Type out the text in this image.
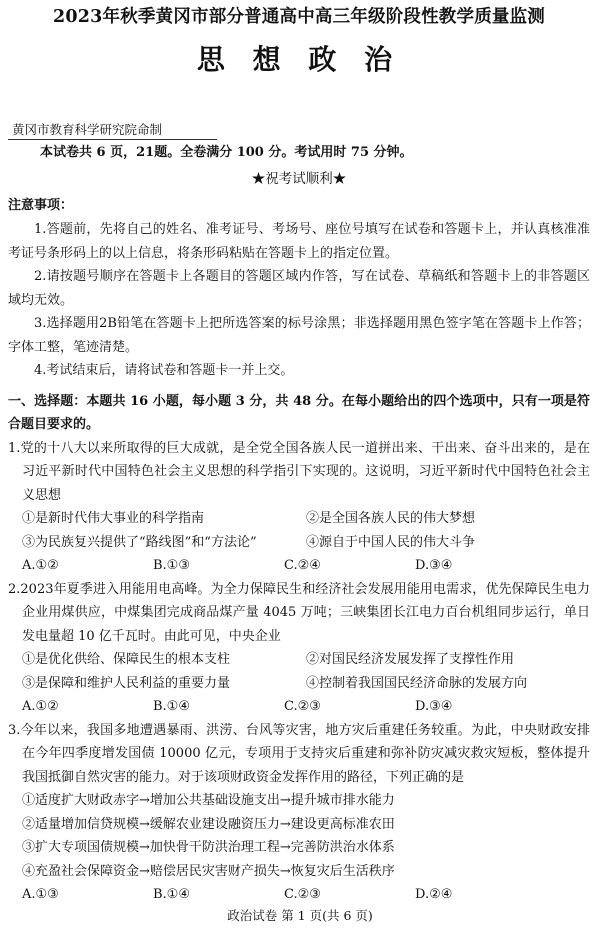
2023年秋季黄冈市部分普通高中高三年级阶段性教学质量监测
思 想 政 治
黄冈市教育科学研究院命制
本试卷共 6 页，21题。全卷满分 100 分。考试用时 75 分钟。
★祝考试顺利★
注意事项：
1.答题前，先将自己的姓名、准考证号、考场号、座位号填写在试卷和答题卡上，并认真核准准考证号条形码上的以上信息，将条形码粘贴在答题卡上的指定位置。
2.请按题号顺序在答题卡上各题目的答题区域内作答，写在试卷、草稿纸和答题卡上的非答题区域均无效。
3.选择题用2B铅笔在答题卡上把所选答案的标号涂黑；非选择题用黑色签字笔在答题卡上作答；字体工整，笔迹清楚。
4.考试结束后，请将试卷和答题卡一并上交。
一、选择题：本题共 16 小题，每小题 3 分，共 48 分。在每小题给出的四个选项中，只有一项是符合题目要求的。
1.党的十八大以来所取得的巨大成就，是全党全国各族人民一道拼出来、干出来、奋斗出来的，是在习近平新时代中国特色社会主义思想的科学指引下实现的。这说明，习近平新时代中国特色社会主义思想
①是新时代伟大事业的科学指南	②是全国各族人民的伟大梦想
③为民族复兴提供了“路线图”和“方法论”	④源自于中国人民的伟大斗争
A.①②	B.①③	C.②④	D.③④
2.2023年夏季进入用能用电高峰。为全力保障民生和经济社会发展用能用电需求，优先保障民生电力企业用煤供应，中煤集团完成商品煤产量 4045 万吨；三峡集团长江电力百台机组同步运行，单日发电量超 10 亿千瓦时。由此可见，中央企业
①是优化供给、保障民生的根本支柱	②对国民经济发展发挥了支撑性作用
③是保障和维护人民利益的重要力量	④控制着我国国民经济命脉的发展方向
A.①②	B.①④	C.②③	D.③④
3.今年以来，我国多地遭遇暴雨、洪涝、台风等灾害，地方灾后重建任务较重。为此，中央财政安排在今年四季度增发国债 10000 亿元，专项用于支持灾后重建和弥补防灾减灾救灾短板，整体提升我国抵御自然灾害的能力。对于该项财政资金发挥作用的路径，下列正确的是
①适度扩大财政赤字→增加公共基础设施支出→提升城市排水能力
②适量增加信贷规模→缓解农业建设融资压力→建设更高标准农田
③扩大专项国债规模→加快骨干防洪治理工程→完善防洪治水体系
④充盈社会保障资金→赔偿居民灾害财产损失→恢复灾后生活秩序
A.①③	B.①④	C.②③	D.②④
政治试卷 第 1 页(共 6 页)
